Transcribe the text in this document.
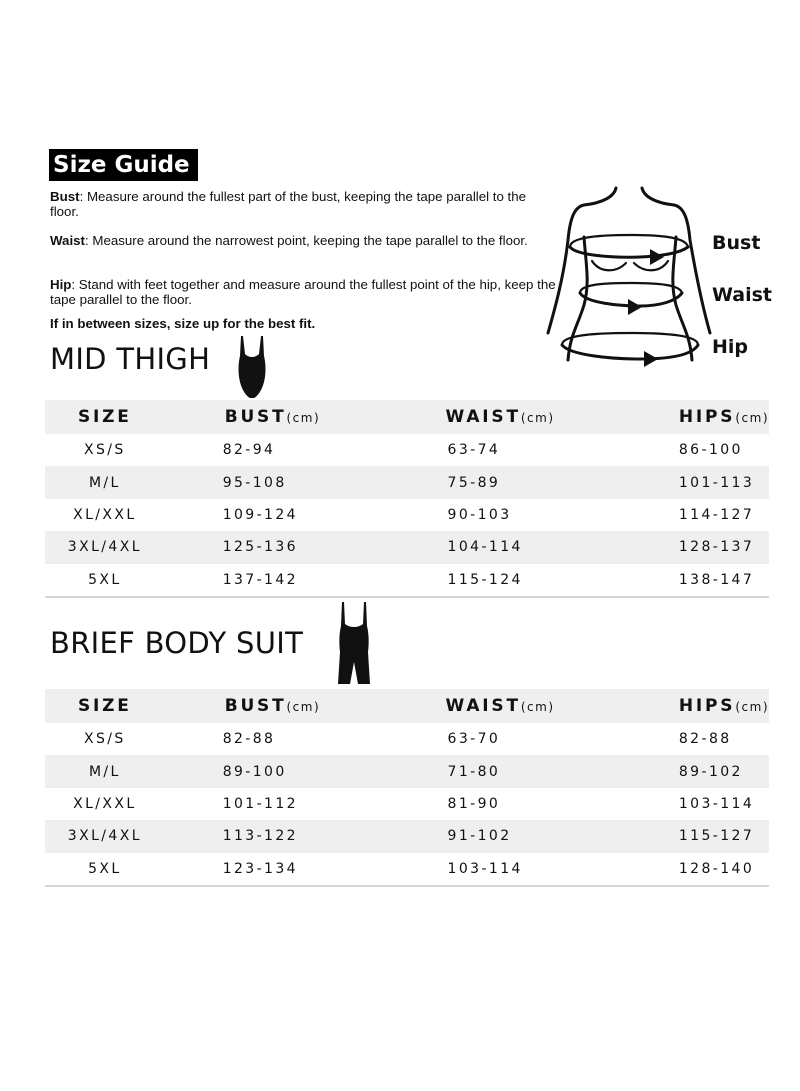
Size Guide
Bust: Measure around the fullest part of the bust, keeping the tape parallel to the floor.
Waist: Measure around the narrowest point, keeping the tape parallel to the floor.
Hip: Stand with feet together and measure around the fullest point of the hip, keep the tape parallel to the floor.
If in between sizes, size up for the best fit.
Bust
Waist
Hip
MID THIGH
SIZE	BUST(cm)	WAIST(cm)	HIPS(cm)
XS/S	82-94	63-74	86-100
M/L	95-108	75-89	101-113
XL/XXL	109-124	90-103	114-127
3XL/4XL	125-136	104-114	128-137
5XL	137-142	115-124	138-147
BRIEF BODY SUIT
SIZE	BUST(cm)	WAIST(cm)	HIPS(cm)
XS/S	82-88	63-70	82-88
M/L	89-100	71-80	89-102
XL/XXL	101-112	81-90	103-114
3XL/4XL	113-122	91-102	115-127
5XL	123-134	103-114	128-140
